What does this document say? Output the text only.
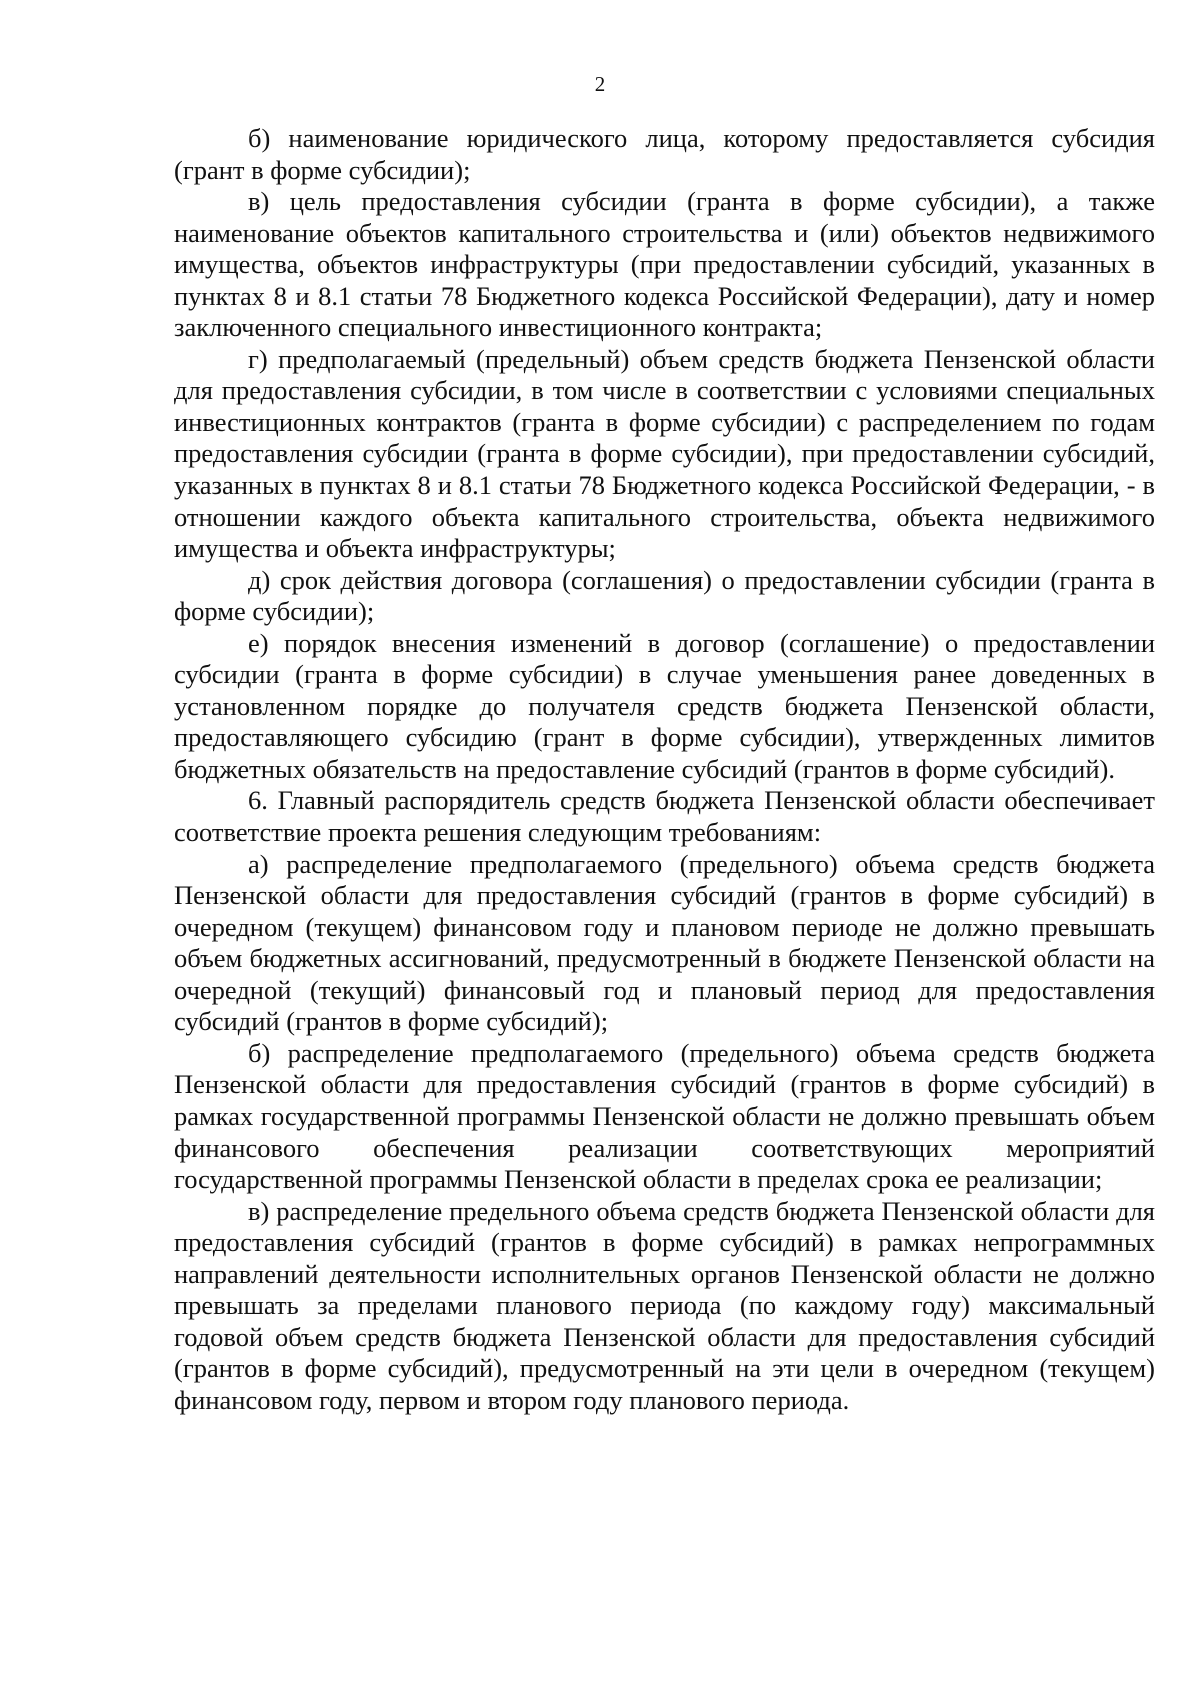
2

б) наименование юридического лица, которому предоставляется субсидия (грант в форме субсидии);

в) цель предоставления субсидии (гранта в форме субсидии), а также наименование объектов капитального строительства и (или) объектов недвижимого имущества, объектов инфраструктуры (при предоставлении субсидий, указанных в пунктах 8 и 8.1 статьи 78 Бюджетного кодекса Российской Федерации), дату и номер заключенного специального инвестиционного контракта;

г) предполагаемый (предельный) объем средств бюджета Пензенской области для предоставления субсидии, в том числе в соответствии с условиями специальных инвестиционных контрактов (гранта в форме субсидии) с распределением по годам предоставления субсидии (гранта в форме субсидии), при предоставлении субсидий, указанных в пунктах 8 и 8.1 статьи 78 Бюджетного кодекса Российской Федерации, - в отношении каждого объекта капитального строительства, объекта недвижимого имущества и объекта инфраструктуры;

д) срок действия договора (соглашения) о предоставлении субсидии (гранта в форме субсидии);

е) порядок внесения изменений в договор (соглашение) о предоставлении субсидии (гранта в форме субсидии) в случае уменьшения ранее доведенных в установленном порядке до получателя средств бюджета Пензенской области, предоставляющего субсидию (грант в форме субсидии), утвержденных лимитов бюджетных обязательств на предоставление субсидий (грантов в форме субсидий).

6. Главный распорядитель средств бюджета Пензенской области обеспечивает соответствие проекта решения следующим требованиям:

а) распределение предполагаемого (предельного) объема средств бюджета Пензенской области для предоставления субсидий (грантов в форме субсидий) в очередном (текущем) финансовом году и плановом периоде не должно превышать объем бюджетных ассигнований, предусмотренный в бюджете Пензенской области на очередной (текущий) финансовый год и плановый период для предоставления субсидий (грантов в форме субсидий);

б) распределение предполагаемого (предельного) объема средств бюджета Пензенской области для предоставления субсидий (грантов в форме субсидий) в рамках государственной программы Пензенской области не должно превышать объем финансового обеспечения реализации соответствующих мероприятий государственной программы Пензенской области в пределах срока ее реализации;

в) распределение предельного объема средств бюджета Пензенской области для предоставления субсидий (грантов в форме субсидий) в рамках непрограммных направлений деятельности исполнительных органов Пензенской области не должно превышать за пределами планового периода (по каждому году) максимальный годовой объем средств бюджета Пензенской области для предоставления субсидий (грантов в форме субсидий), предусмотренный на эти цели в очередном (текущем) финансовом году, первом и втором году планового периода.
